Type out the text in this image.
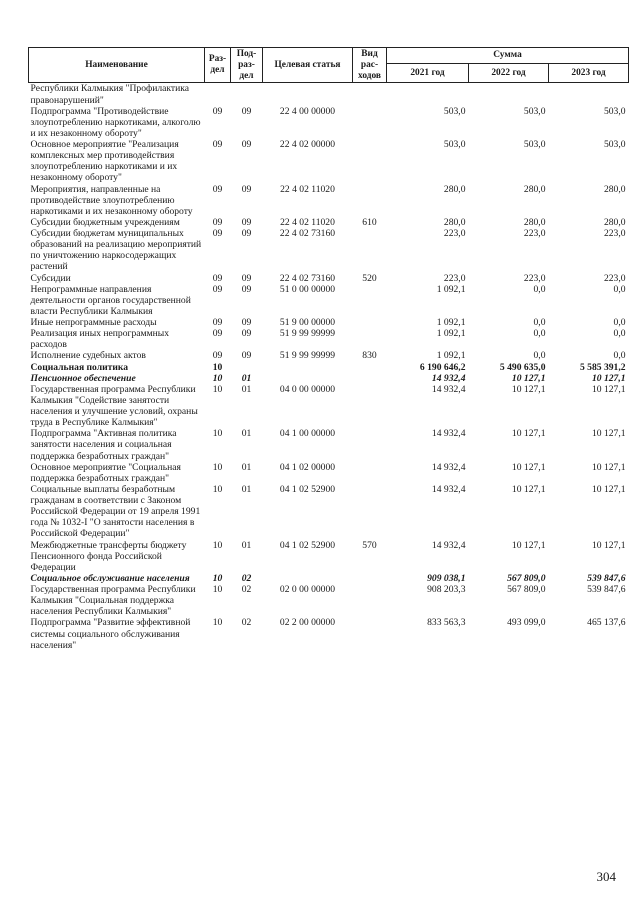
Наименование	Раз-дел	Под-раз-дел	Целевая статья	Вид рас-ходов	Сумма		
					2021 год	2022 год	2023 год
Республики Калмыкия "Профилактика правонарушений"							
Подпрограмма "Противодействие злоупотреблению наркотиками, алкоголю и их незаконному обороту"	09	09	22 4 00 00000		503,0	503,0	503,0
Основное мероприятие "Реализация комплексных мер противодействия злоупотреблению наркотиками и их незаконному обороту"	09	09	22 4 02 00000		503,0	503,0	503,0
Мероприятия, направленные на противодействие злоупотреблению наркотиками и их незаконному обороту	09	09	22 4 02 11020		280,0	280,0	280,0
Субсидии бюджетным учреждениям	09	09	22 4 02 11020	610	280,0	280,0	280,0
Субсидии бюджетам муниципальных образований на реализацию мероприятий по уничтожению наркосодержащих растений	09	09	22 4 02 73160		223,0	223,0	223,0
Субсидии	09	09	22 4 02 73160	520	223,0	223,0	223,0
Непрограммные направления деятельности органов государственной власти Республики Калмыкия	09	09	51 0 00 00000		1 092,1	0,0	0,0
Иные непрограммные расходы	09	09	51 9 00 00000		1 092,1	0,0	0,0
Реализация иных непрограммных расходов	09	09	51 9 99 99999		1 092,1	0,0	0,0
Исполнение судебных актов	09	09	51 9 99 99999	830	1 092,1	0,0	0,0
Социальная политика	10				6 190 646,2	5 490 635,0	5 585 391,2
Пенсионное обеспечение	10	01			14 932,4	10 127,1	10 127,1
Государственная программа Республики Калмыкия "Содействие занятости населения и улучшение условий, охраны труда в Республике Калмыкия"	10	01	04 0 00 00000		14 932,4	10 127,1	10 127,1
Подпрограмма "Активная политика занятости населения и социальная поддержка безработных граждан"	10	01	04 1 00 00000		14 932,4	10 127,1	10 127,1
Основное мероприятие "Социальная поддержка безработных граждан"	10	01	04 1 02 00000		14 932,4	10 127,1	10 127,1
Социальные выплаты безработным гражданам в соответствии с Законом Российской Федерации от 19 апреля 1991 года № 1032-I "О занятости населения в Российской Федерации"	10	01	04 1 02 52900		14 932,4	10 127,1	10 127,1
Межбюджетные трансферты бюджету Пенсионного фонда Российской Федерации	10	01	04 1 02 52900	570	14 932,4	10 127,1	10 127,1
Социальное обслуживание населения	10	02			909 038,1	567 809,0	539 847,6
Государственная программа Республики Калмыкия "Социальная поддержка населения Республики Калмыкия"	10	02	02 0 00 00000		908 203,3	567 809,0	539 847,6
Подпрограмма "Развитие эффективной системы социального обслуживания населения"	10	02	02 2 00 00000		833 563,3	493 099,0	465 137,6
304
